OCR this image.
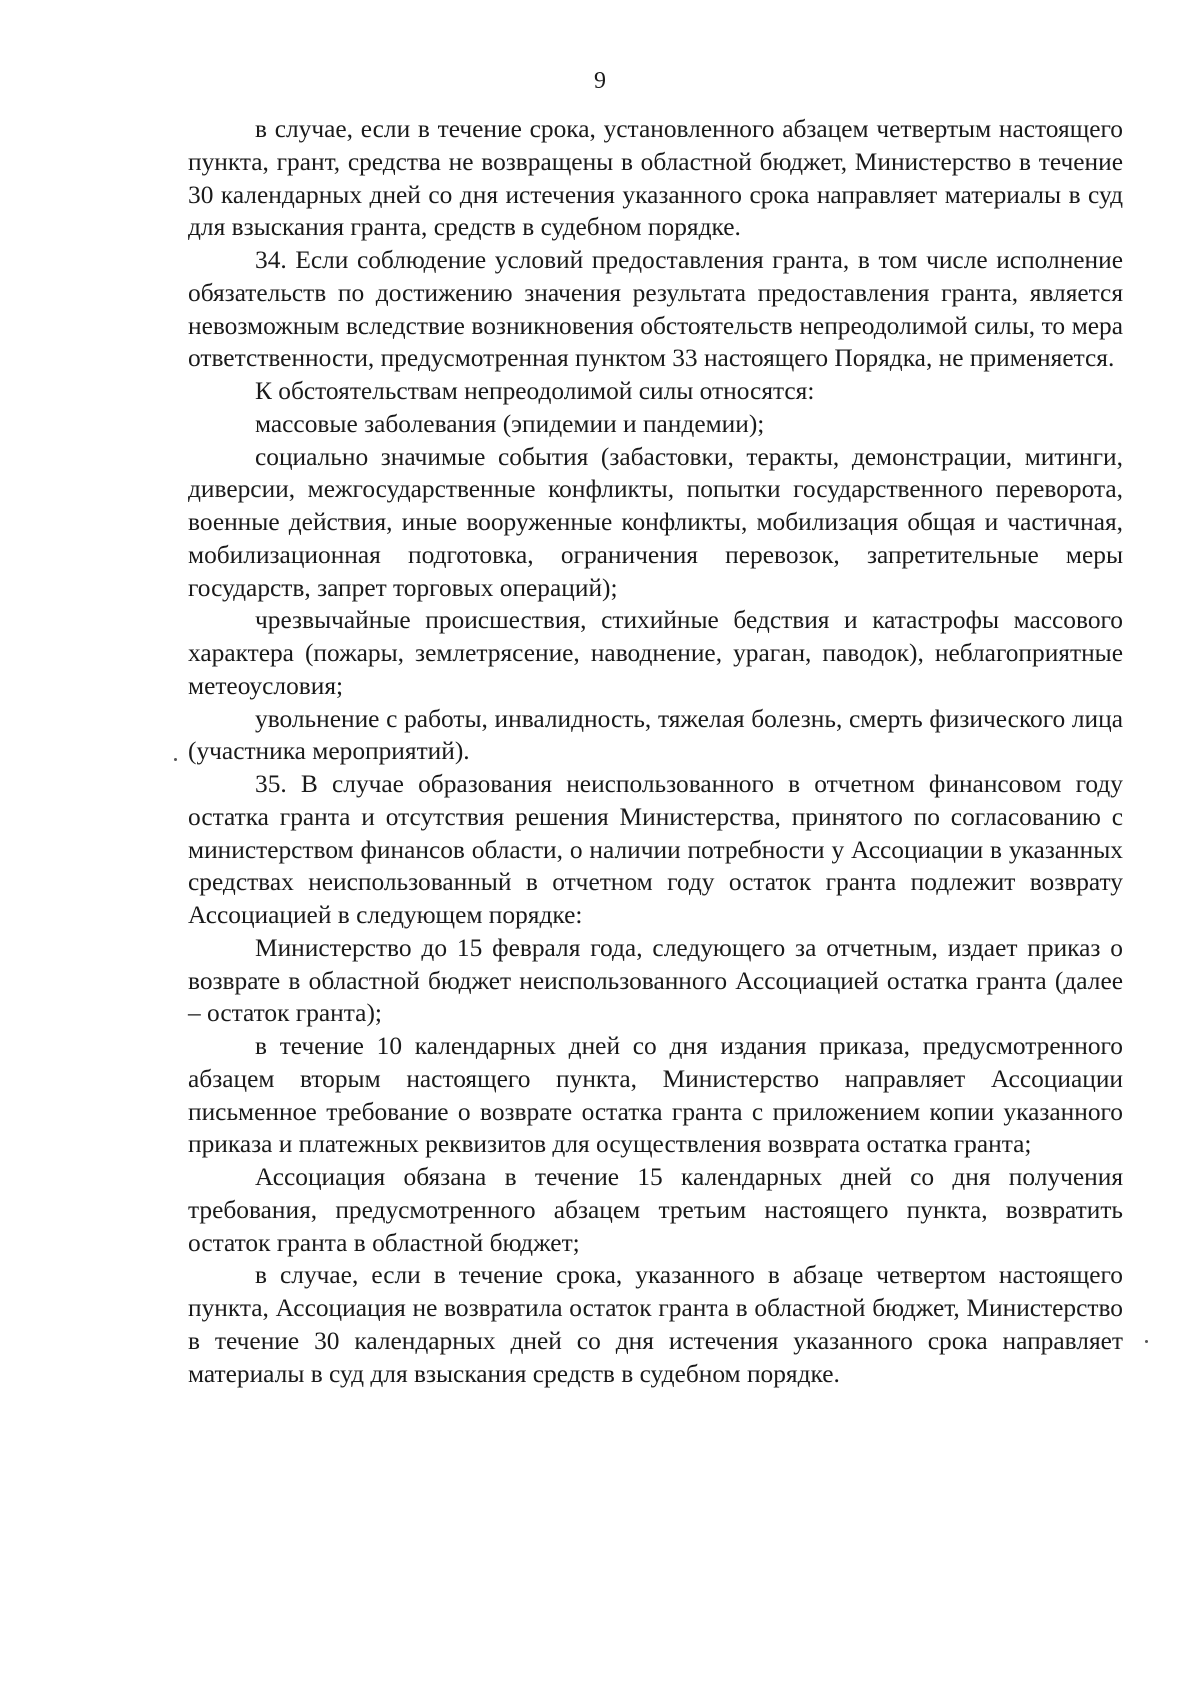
9

в случае, если в течение срока, установленного абзацем четвертым настоящего пункта, грант, средства не возвращены в областной бюджет, Министерство в течение 30 календарных дней со дня истечения указанного срока направляет материалы в суд для взыскания гранта, средств в судебном порядке.

34. Если соблюдение условий предоставления гранта, в том числе исполнение обязательств по достижению значения результата предоставления гранта, является невозможным вследствие возникновения обстоятельств непреодолимой силы, то мера ответственности, предусмотренная пунктом 33 настоящего Порядка, не применяется.

К обстоятельствам непреодолимой силы относятся:

массовые заболевания (эпидемии и пандемии);

социально значимые события (забастовки, теракты, демонстрации, митинги, диверсии, межгосударственные конфликты, попытки государственного переворота, военные действия, иные вооруженные конфликты, мобилизация общая и частичная, мобилизационная подготовка, ограничения перевозок, запретительные меры государств, запрет торговых операций);

чрезвычайные происшествия, стихийные бедствия и катастрофы массового характера (пожары, землетрясение, наводнение, ураган, паводок), неблагоприятные метеоусловия;

увольнение с работы, инвалидность, тяжелая болезнь, смерть физического лица (участника мероприятий).

35. В случае образования неиспользованного в отчетном финансовом году остатка гранта и отсутствия решения Министерства, принятого по согласованию с министерством финансов области, о наличии потребности у Ассоциации в указанных средствах неиспользованный в отчетном году остаток гранта подлежит возврату Ассоциацией в следующем порядке:

Министерство до 15 февраля года, следующего за отчетным, издает приказ о возврате в областной бюджет неиспользованного Ассоциацией остатка гранта (далее – остаток гранта);

в течение 10 календарных дней со дня издания приказа, предусмотренного абзацем вторым настоящего пункта, Министерство направляет Ассоциации письменное требование о возврате остатка гранта с приложением копии указанного приказа и платежных реквизитов для осуществления возврата остатка гранта;

Ассоциация обязана в течение 15 календарных дней со дня получения требования, предусмотренного абзацем третьим настоящего пункта, возвратить остаток гранта в областной бюджет;

в случае, если в течение срока, указанного в абзаце четвертом настоящего пункта, Ассоциация не возвратила остаток гранта в областной бюджет, Министерство в течение 30 календарных дней со дня истечения указанного срока направляет материалы в суд для взыскания средств в судебном порядке.
